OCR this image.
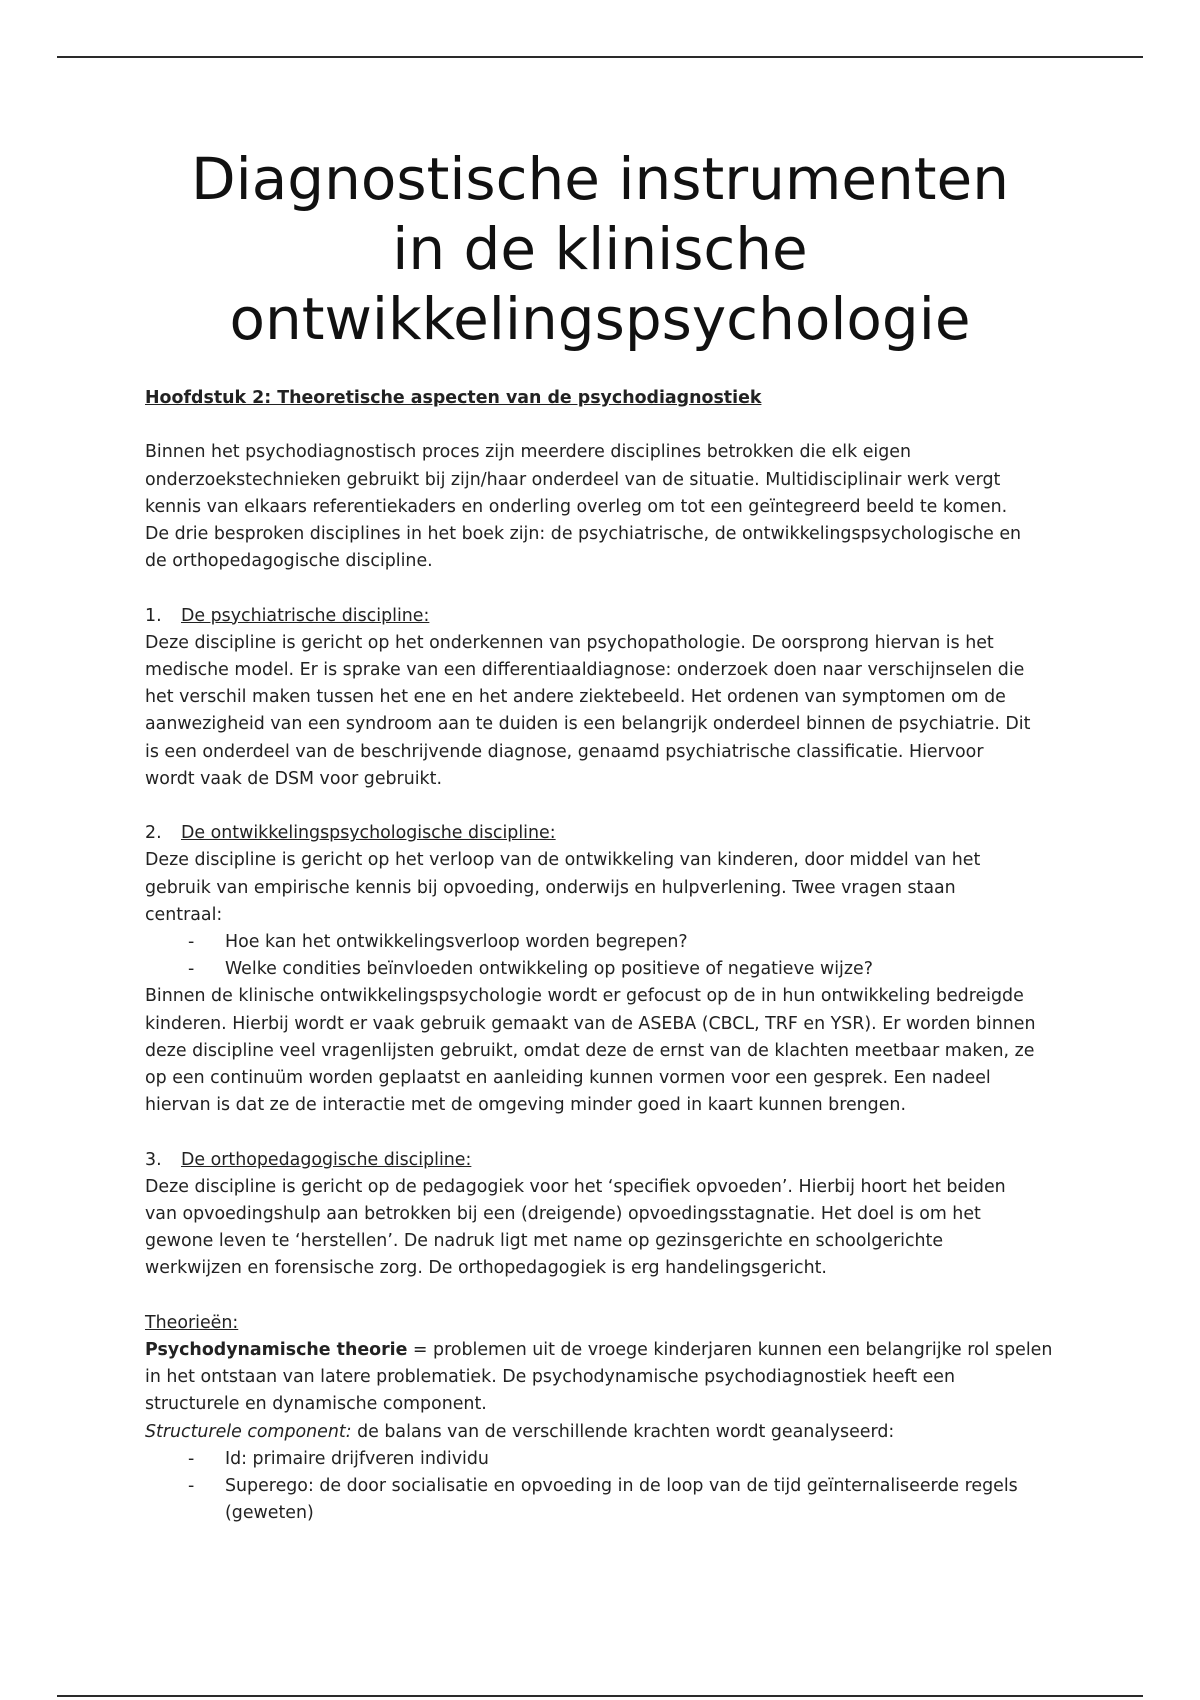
Diagnostische instrumenten
in de klinische
ontwikkelingspsychologie
Hoofdstuk 2: Theoretische aspecten van de psychodiagnostiek
Binnen het psychodiagnostisch proces zijn meerdere disciplines betrokken die elk eigen
onderzoekstechnieken gebruikt bij zijn/haar onderdeel van de situatie. Multidisciplinair werk vergt
kennis van elkaars referentiekaders en onderling overleg om tot een geïntegreerd beeld te komen.
De drie besproken disciplines in het boek zijn: de psychiatrische, de ontwikkelingspsychologische en
de orthopedagogische discipline.
1. De psychiatrische discipline:
Deze discipline is gericht op het onderkennen van psychopathologie. De oorsprong hiervan is het
medische model. Er is sprake van een differentiaaldiagnose: onderzoek doen naar verschijnselen die
het verschil maken tussen het ene en het andere ziektebeeld. Het ordenen van symptomen om de
aanwezigheid van een syndroom aan te duiden is een belangrijk onderdeel binnen de psychiatrie. Dit
is een onderdeel van de beschrijvende diagnose, genaamd psychiatrische classificatie. Hiervoor
wordt vaak de DSM voor gebruikt.
2. De ontwikkelingspsychologische discipline:
Deze discipline is gericht op het verloop van de ontwikkeling van kinderen, door middel van het
gebruik van empirische kennis bij opvoeding, onderwijs en hulpverlening. Twee vragen staan
centraal:
- Hoe kan het ontwikkelingsverloop worden begrepen?
- Welke condities beïnvloeden ontwikkeling op positieve of negatieve wijze?
Binnen de klinische ontwikkelingspsychologie wordt er gefocust op de in hun ontwikkeling bedreigde
kinderen. Hierbij wordt er vaak gebruik gemaakt van de ASEBA (CBCL, TRF en YSR). Er worden binnen
deze discipline veel vragenlijsten gebruikt, omdat deze de ernst van de klachten meetbaar maken, ze
op een continuüm worden geplaatst en aanleiding kunnen vormen voor een gesprek. Een nadeel
hiervan is dat ze de interactie met de omgeving minder goed in kaart kunnen brengen.
3. De orthopedagogische discipline:
Deze discipline is gericht op de pedagogiek voor het ‘specifiek opvoeden’. Hierbij hoort het beiden
van opvoedingshulp aan betrokken bij een (dreigende) opvoedingsstagnatie. Het doel is om het
gewone leven te ‘herstellen’. De nadruk ligt met name op gezinsgerichte en schoolgerichte
werkwijzen en forensische zorg. De orthopedagogiek is erg handelingsgericht.
Theorieën:
Psychodynamische theorie = problemen uit de vroege kinderjaren kunnen een belangrijke rol spelen
in het ontstaan van latere problematiek. De psychodynamische psychodiagnostiek heeft een
structurele en dynamische component.
Structurele component: de balans van de verschillende krachten wordt geanalyseerd:
- Id: primaire drijfveren individu
- Superego: de door socialisatie en opvoeding in de loop van de tijd geïnternaliseerde regels
(geweten)
